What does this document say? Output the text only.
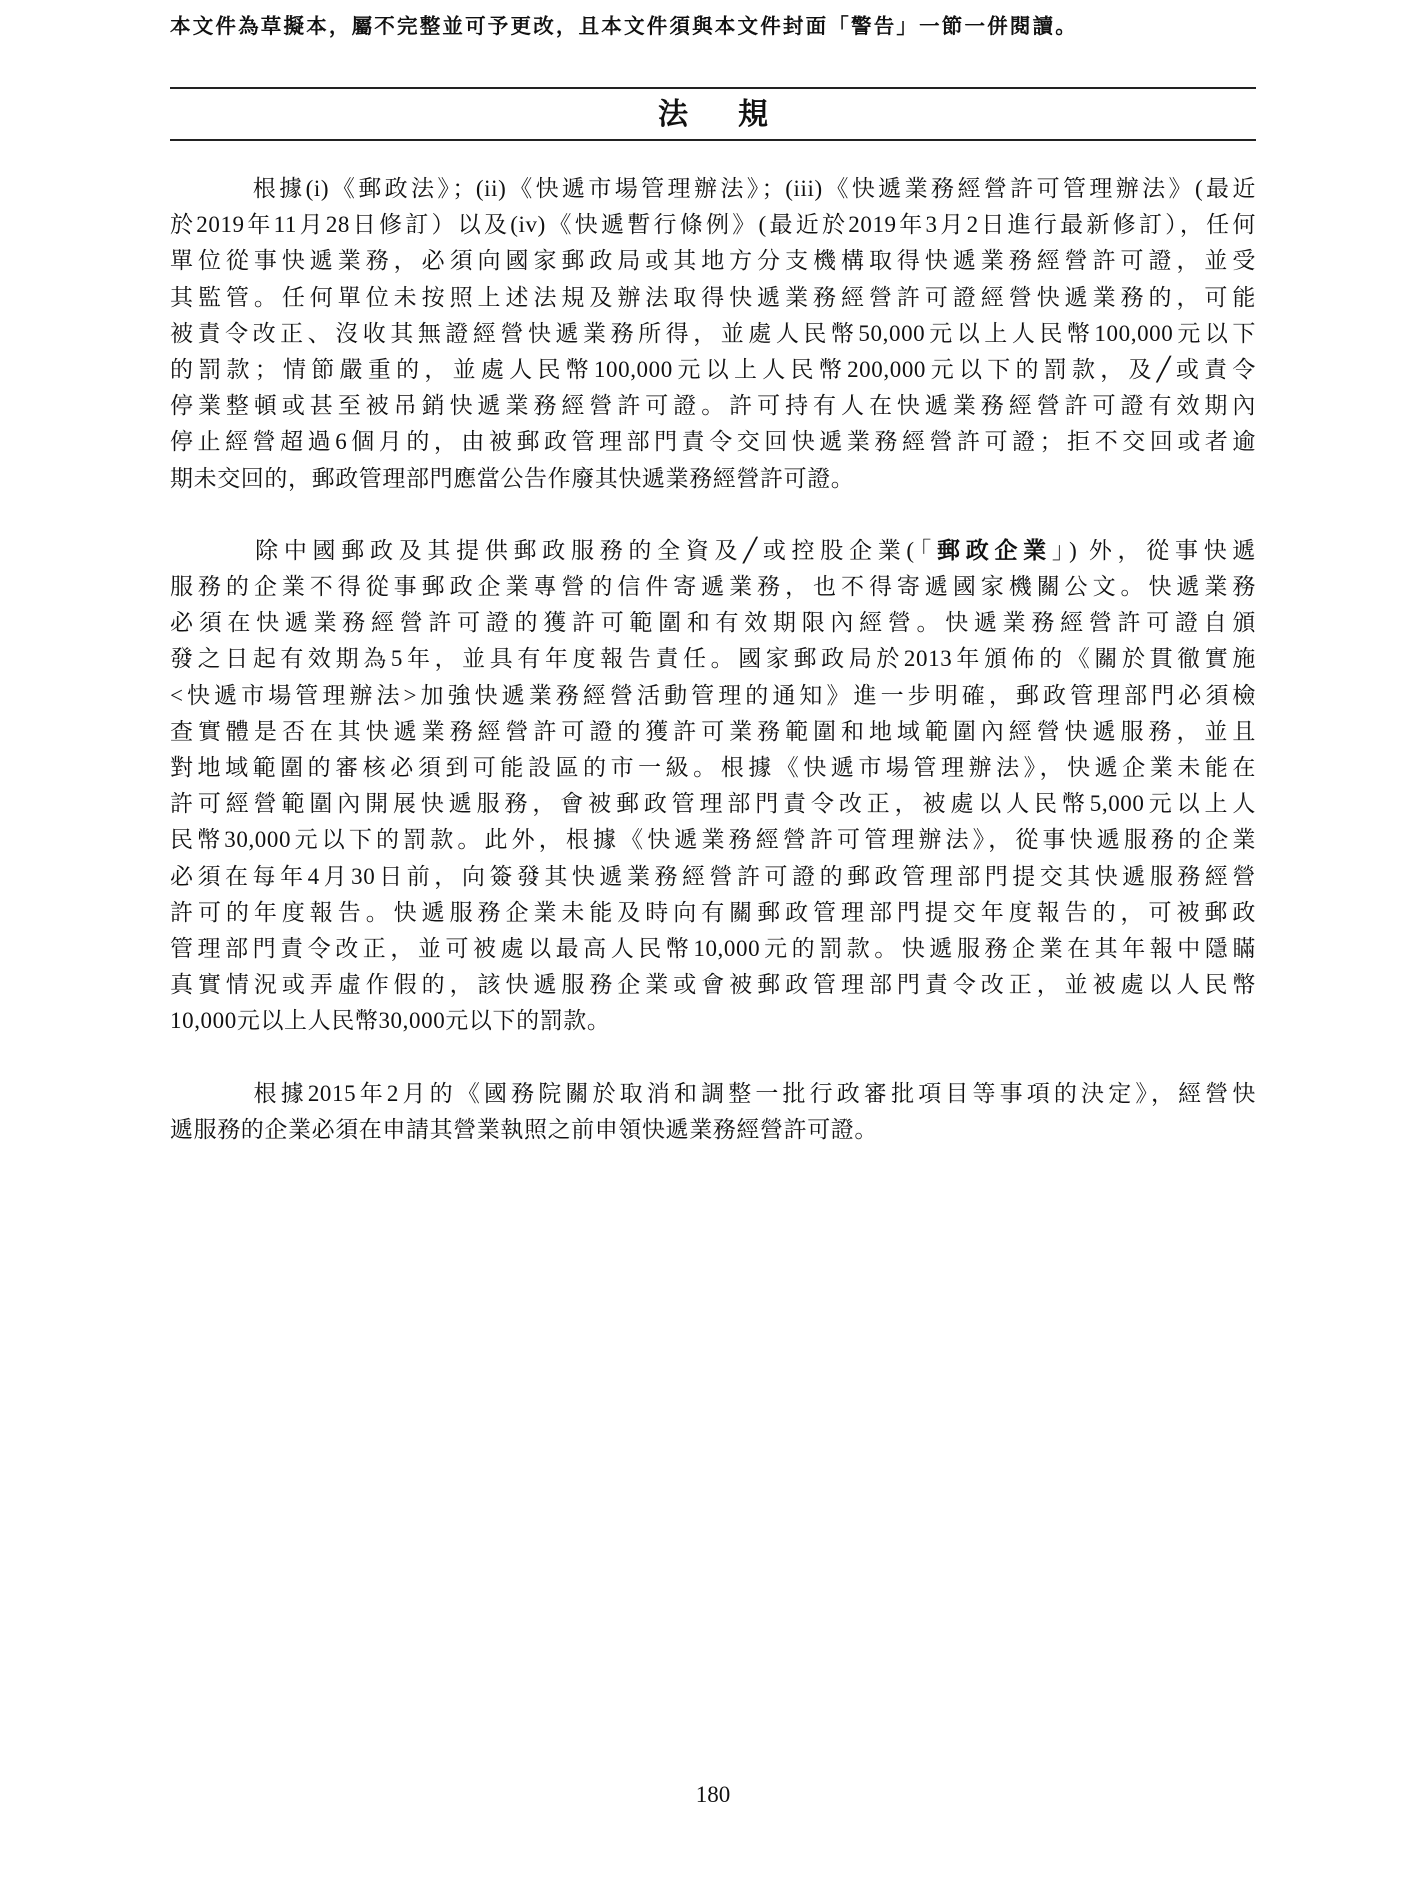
本文件為草擬本，屬不完整並可予更改，且本文件須與本文件封面「警告」一節一併閱讀。
法規
根據(i)《郵政法》；(ii)《快遞市場管理辦法》；(iii)《快遞業務經營許可管理辦法》(最近
於2019年11月28日修訂）以及(iv)《快遞暫行條例》(最近於2019年3月2日進行最新修訂），任何
單位從事快遞業務，必須向國家郵政局或其地方分支機構取得快遞業務經營許可證，並受
其監管。任何單位未按照上述法規及辦法取得快遞業務經營許可證經營快遞業務的，可能
被責令改正、沒收其無證經營快遞業務所得，並處人民幣50,000元以上人民幣100,000元以下
的罰款；情節嚴重的，並處人民幣100,000元以上人民幣200,000元以下的罰款，及╱或責令
停業整頓或甚至被吊銷快遞業務經營許可證。許可持有人在快遞業務經營許可證有效期內
停止經營超過6個月的，由被郵政管理部門責令交回快遞業務經營許可證；拒不交回或者逾
期未交回的，郵政管理部門應當公告作廢其快遞業務經營許可證。
除中國郵政及其提供郵政服務的全資及╱或控股企業(「郵政企業」) 外，從事快遞
服務的企業不得從事郵政企業專營的信件寄遞業務，也不得寄遞國家機關公文。快遞業務
必須在快遞業務經營許可證的獲許可範圍和有效期限內經營。快遞業務經營許可證自頒
發之日起有效期為5年，並具有年度報告責任。國家郵政局於2013年頒佈的《關於貫徹實施
<快遞市場管理辦法>加強快遞業務經營活動管理的通知》進一步明確，郵政管理部門必須檢
查實體是否在其快遞業務經營許可證的獲許可業務範圍和地域範圍內經營快遞服務，並且
對地域範圍的審核必須到可能設區的市一級。根據《快遞市場管理辦法》，快遞企業未能在
許可經營範圍內開展快遞服務，會被郵政管理部門責令改正，被處以人民幣5,000元以上人
民幣30,000元以下的罰款。此外，根據《快遞業務經營許可管理辦法》，從事快遞服務的企業
必須在每年4月30日前，向簽發其快遞業務經營許可證的郵政管理部門提交其快遞服務經營
許可的年度報告。快遞服務企業未能及時向有關郵政管理部門提交年度報告的，可被郵政
管理部門責令改正，並可被處以最高人民幣10,000元的罰款。快遞服務企業在其年報中隱瞞
真實情況或弄虛作假的，該快遞服務企業或會被郵政管理部門責令改正，並被處以人民幣
10,000元以上人民幣30,000元以下的罰款。
根據2015年2月的《國務院關於取消和調整一批行政審批項目等事項的決定》，經營快
遞服務的企業必須在申請其營業執照之前申領快遞業務經營許可證。
180
